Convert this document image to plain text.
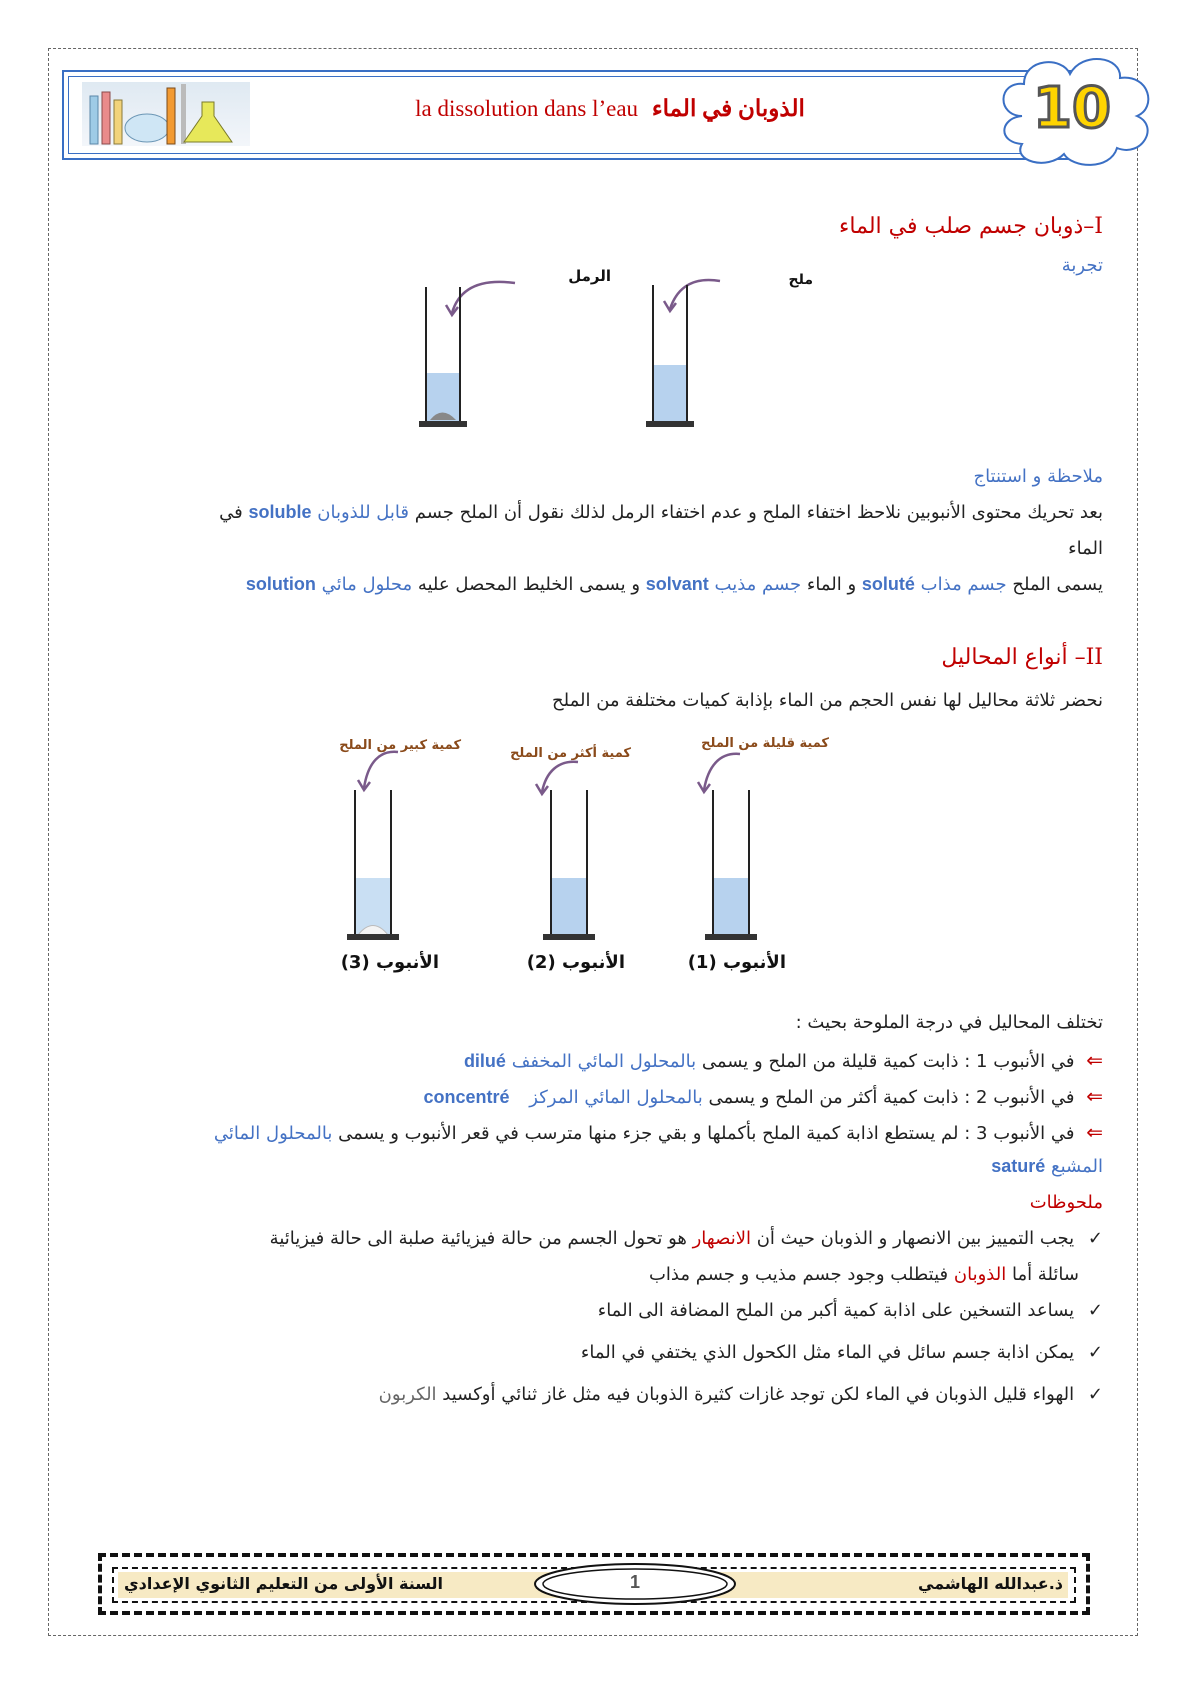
la dissolution dans l’eau الذوبان في الماء	10
I–ذوبان جسم صلب في الماء
تجربة
الرمل	ملح
ملاحظة و استنتاج
بعد تحريك محتوى الأنبوبين نلاحظ اختفاء الملح و عدم اختفاء الرمل لذلك نقول أن الملح جسم قابل للذوبان soluble في
الماء
يسمى الملح جسم مذاب soluté و الماء جسم مذيب solvant و يسمى الخليط المحصل عليه محلول مائي solution
II– أنواع المحاليل
نحضر ثلاثة محاليل لها نفس الحجم من الماء بإذابة كميات مختلفة من الملح
كمية كبير من الملح
كمية أكثر من الملح
كمية قليلة من الملح
الأنبوب (3)	الأنبوب (2)	الأنبوب (1)
تختلف المحاليل في درجة الملوحة بحيث :
⇐ في الأنبوب 1 : ذابت كمية قليلة من الملح و يسمى بالمحلول المائي المخفف dilué
⇐ في الأنبوب 2 : ذابت كمية أكثر من الملح و يسمى بالمحلول المائي المركز concentré
⇐ في الأنبوب 3 : لم يستطع اذابة كمية الملح بأكملها و بقي جزء منها مترسب في قعر الأنبوب و يسمى بالمحلول المائي
المشبع saturé
ملحوظات
✓ يجب التمييز بين الانصهار و الذوبان حيث أن الانصهار هو تحول الجسم من حالة فيزيائية صلبة الى حالة فيزيائية
سائلة أما الذوبان فيتطلب وجود جسم مذيب و جسم مذاب
✓ يساعد التسخين على اذابة كمية أكبر من الملح المضافة الى الماء
✓ يمكن اذابة جسم سائل في الماء مثل الكحول الذي يختفي في الماء
✓ الهواء قليل الذوبان في الماء لكن توجد غازات كثيرة الذوبان فيه مثل غاز ثنائي أوكسيد الكربون
1	ذ.عبدالله الهاشمي
السنة الأولى من التعليم الثانوي الإعدادي
